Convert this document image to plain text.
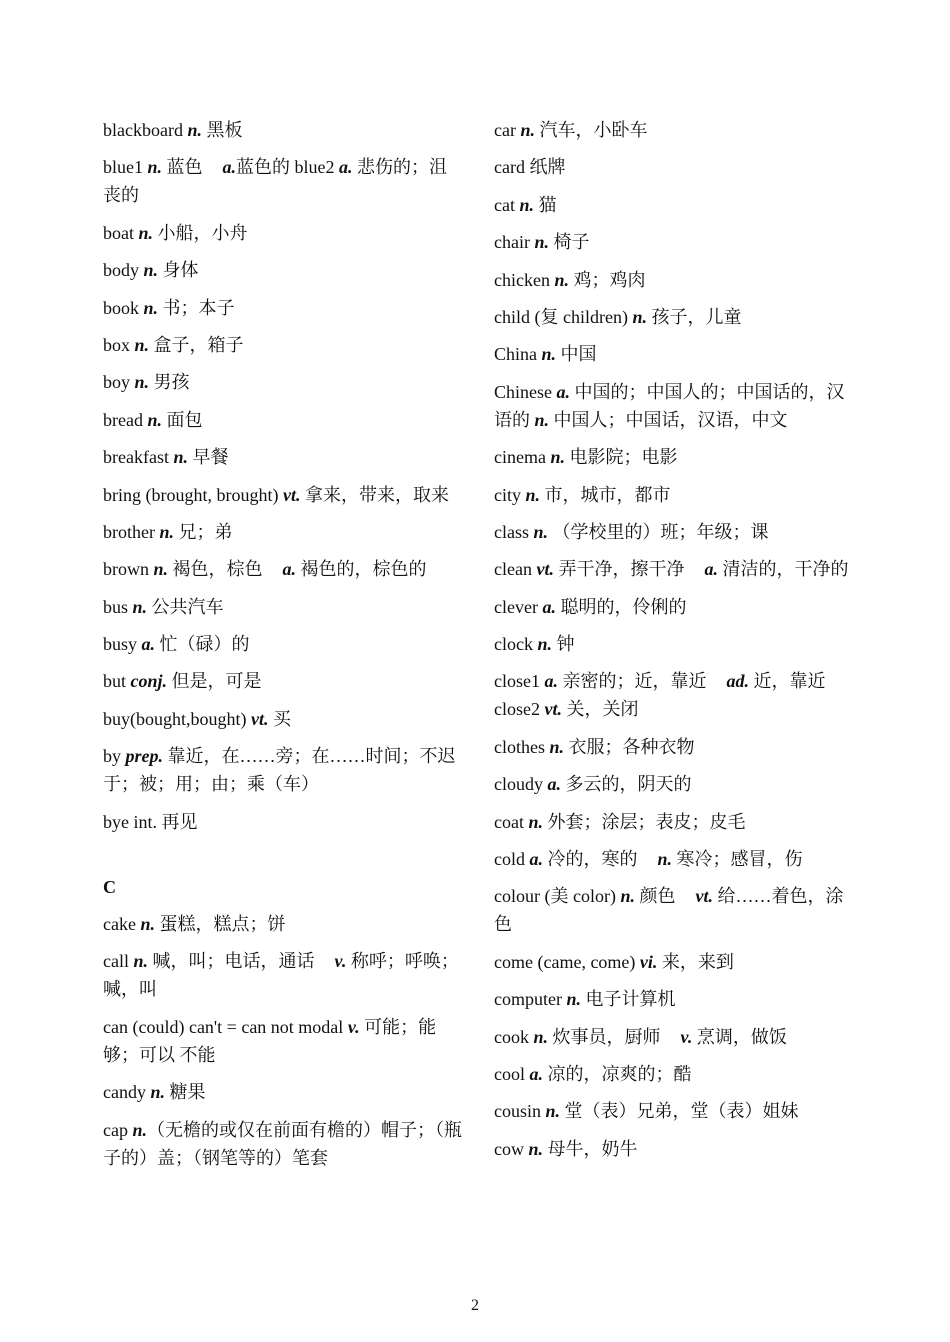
blackboard n. 黑板
blue1 n. 蓝色 a.蓝色的 blue2 a. 悲伤的；沮丧的
boat n. 小船，小舟
body n. 身体
book n. 书；本子
box n. 盒子，箱子
boy n. 男孩
bread n. 面包
breakfast n. 早餐
bring (brought, brought) vt. 拿来，带来，取来
brother n. 兄；弟
brown n. 褐色，棕色 a. 褐色的，棕色的
bus n. 公共汽车
busy a. 忙（碌）的
but conj. 但是，可是
buy(bought,bought) vt. 买
by prep. 靠近，在……旁；在……时间；不迟于；被；用；由；乘（车）
bye int. 再见
C
cake n. 蛋糕，糕点；饼
call n. 喊，叫；电话，通话 v. 称呼；呼唤；喊，叫
can (could) can't = can not modal v. 可能；能够；可以 不能
candy n. 糖果
cap n.（无檐的或仅在前面有檐的）帽子；（瓶子的）盖；（钢笔等的）笔套
car n. 汽车，小卧车
card 纸牌
cat n. 猫
chair n. 椅子
chicken n. 鸡；鸡肉
child (复 children) n. 孩子，儿童
China n. 中国
Chinese a. 中国的；中国人的；中国话的，汉语的 n. 中国人；中国话，汉语，中文
cinema n. 电影院；电影
city n. 市，城市，都市
class n. （学校里的）班；年级；课
clean vt. 弄干净，擦干净 a. 清洁的，干净的
clever a. 聪明的，伶俐的
clock n. 钟
close1 a. 亲密的；近，靠近 ad. 近，靠近 close2 vt. 关，关闭
clothes n. 衣服；各种衣物
cloudy a. 多云的，阴天的
coat n. 外套；涂层；表皮；皮毛
cold a. 冷的，寒的 n. 寒冷；感冒，伤
colour (美 color) n. 颜色 vt. 给……着色，涂色
come (came, come) vi. 来，来到
computer n. 电子计算机
cook n. 炊事员，厨师 v. 烹调，做饭
cool a. 凉的，凉爽的；酷
cousin n. 堂（表）兄弟，堂（表）姐妹
cow n. 母牛，奶牛
2
